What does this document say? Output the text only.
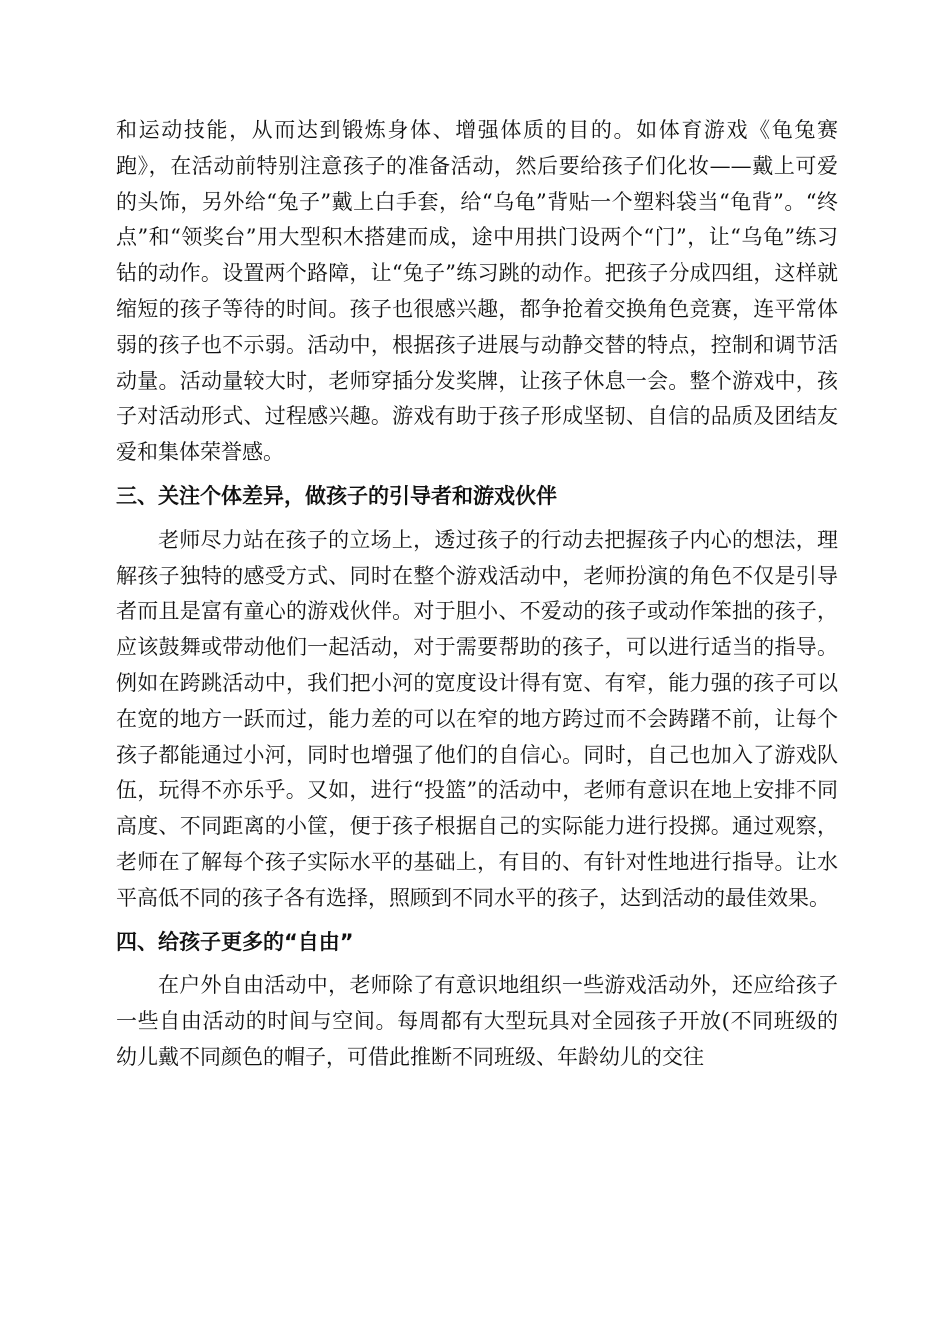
和运动技能，从而达到锻炼身体、增强体质的目的。如体育游戏《龟兔赛跑》，在活动前特别注意孩子的准备活动，然后要给孩子们化妆——戴上可爱的头饰，另外给“兔子”戴上白手套，给“乌龟”背贴一个塑料袋当“龟背”。“终点”和“领奖台”用大型积木搭建而成，途中用拱门设两个“门”，让“乌龟”练习钻的动作。设置两个路障，让“兔子”练习跳的动作。把孩子分成四组，这样就缩短的孩子等待的时间。孩子也很感兴趣，都争抢着交换角色竞赛，连平常体弱的孩子也不示弱。活动中，根据孩子进展与动静交替的特点，控制和调节活动量。活动量较大时，老师穿插分发奖牌，让孩子休息一会。整个游戏中，孩子对活动形式、过程感兴趣。游戏有助于孩子形成坚韧、自信的品质及团结友爱和集体荣誉感。

三、关注个体差异，做孩子的引导者和游戏伙伴

老师尽力站在孩子的立场上，透过孩子的行动去把握孩子内心的想法，理解孩子独特的感受方式、同时在整个游戏活动中，老师扮演的角色不仅是引导者而且是富有童心的游戏伙伴。对于胆小、不爱动的孩子或动作笨拙的孩子，应该鼓舞或带动他们一起活动，对于需要帮助的孩子，可以进行适当的指导。例如在跨跳活动中，我们把小河的宽度设计得有宽、有窄，能力强的孩子可以在宽的地方一跃而过，能力差的可以在窄的地方跨过而不会踌躇不前，让每个孩子都能通过小河，同时也增强了他们的自信心。同时，自己也加入了游戏队伍，玩得不亦乐乎。又如，进行“投篮”的活动中，老师有意识在地上安排不同高度、不同距离的小筐，便于孩子根据自己的实际能力进行投掷。通过观察，老师在了解每个孩子实际水平的基础上，有目的、有针对性地进行指导。让水平高低不同的孩子各有选择，照顾到不同水平的孩子，达到活动的最佳效果。

四、给孩子更多的“自由”

在户外自由活动中，老师除了有意识地组织一些游戏活动外，还应给孩子一些自由活动的时间与空间。每周都有大型玩具对全园孩子开放(不同班级的幼儿戴不同颜色的帽子，可借此推断不同班级、年龄幼儿的交往
